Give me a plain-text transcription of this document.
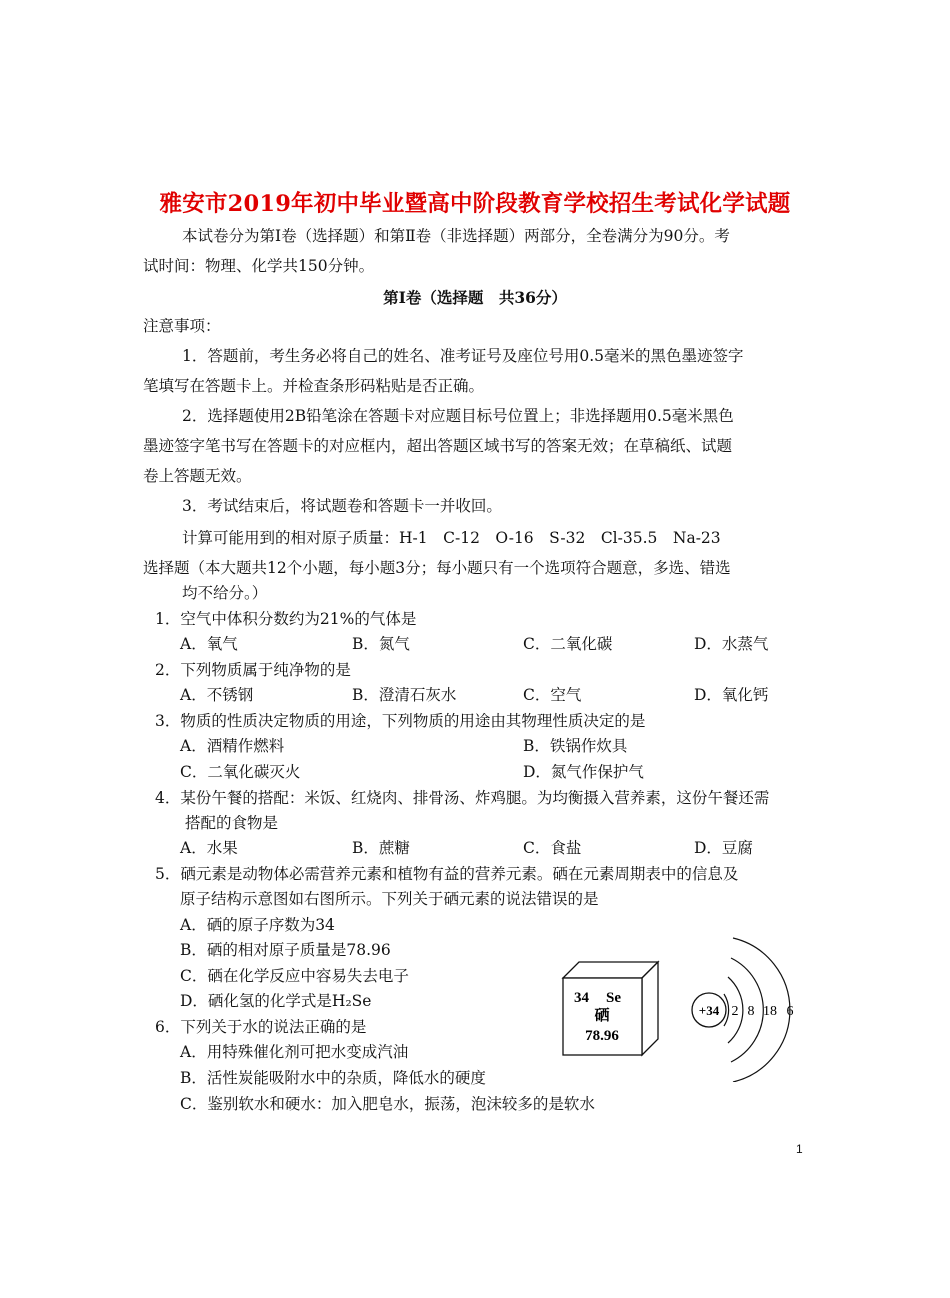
雅安市2019年初中毕业暨高中阶段教育学校招生考试化学试题
本试卷分为第Ⅰ卷（选择题）和第Ⅱ卷（非选择题）两部分，全卷满分为90分。考
试时间：物理、化学共150分钟。
第Ⅰ卷（选择题　共36分）
注意事项：
1．答题前，考生务必将自己的姓名、准考证号及座位号用0.5毫米的黑色墨迹签字
笔填写在答题卡上。并检查条形码粘贴是否正确。
2．选择题使用2B铅笔涂在答题卡对应题目标号位置上；非选择题用0.5毫米黑色
墨迹签字笔书写在答题卡的对应框内，超出答题区域书写的答案无效；在草稿纸、试题
卷上答题无效。
3．考试结束后，将试题卷和答题卡一并收回。
计算可能用到的相对原子质量：H-1　C-12　O-16　S-32　Cl-35.5　Na-23
选择题（本大题共12个小题，每小题3分；每小题只有一个选项符合题意，多选、错选
均不给分。）
1．空气中体积分数约为21%的气体是
A．氧气	B．氮气	C．二氧化碳	D．水蒸气
2．下列物质属于纯净物的是
A．不锈钢	B．澄清石灰水	C．空气	D．氧化钙
3．物质的性质决定物质的用途，下列物质的用途由其物理性质决定的是
A．酒精作燃料	B．铁锅作炊具
C．二氧化碳灭火	D．氮气作保护气
4．某份午餐的搭配：米饭、红烧肉、排骨汤、炸鸡腿。为均衡摄入营养素，这份午餐还需
搭配的食物是
A．水果	B．蔗糖	C．食盐	D．豆腐
5．硒元素是动物体必需营养元素和植物有益的营养元素。硒在元素周期表中的信息及
原子结构示意图如右图所示。下列关于硒元素的说法错误的是
A．硒的原子序数为34
B．硒的相对原子质量是78.96
C．硒在化学反应中容易失去电子
D．硒化氢的化学式是H₂Se
6．下列关于水的说法正确的是
A．用特殊催化剂可把水变成汽油
B．活性炭能吸附水中的杂质，降低水的硬度
C．鉴别软水和硬水：加入肥皂水，振荡，泡沫较多的是软水
34 Se
硒
78.96
+34 2 8 18 6
1
